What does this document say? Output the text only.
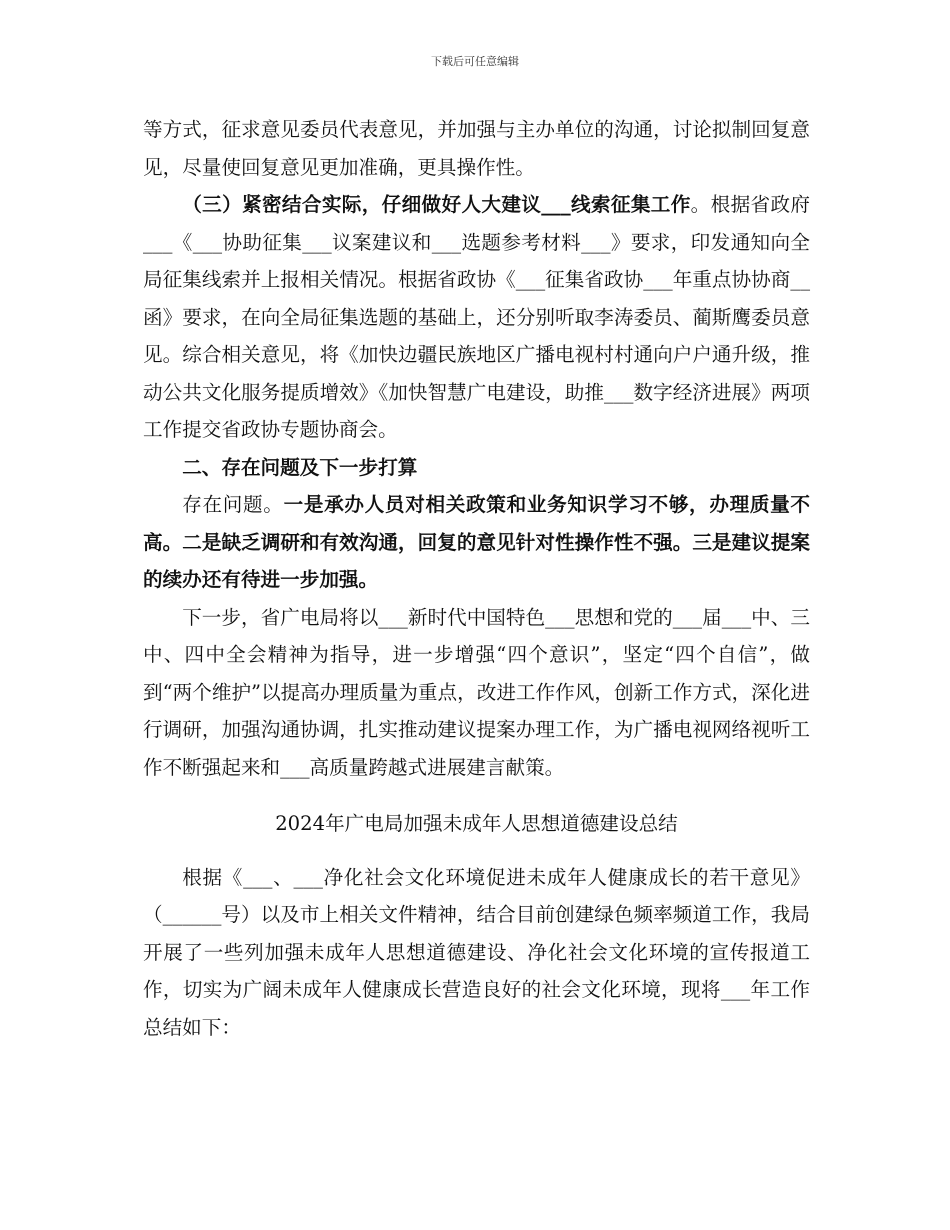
下载后可任意编辑

等方式，征求意见委员代表意见，并加强与主办单位的沟通，讨论拟制回复意见，尽量使回复意见更加准确，更具操作性。

（三）紧密结合实际，仔细做好人大建议___线索征集工作。根据省政府___《___协助征集___议案建议和___选题参考材料___》要求，印发通知向全局征集线索并上报相关情况。根据省政协《___征集省政协___年重点协协商__函》要求，在向全局征集选题的基础上，还分别听取李涛委员、蔺斯鹰委员意见。综合相关意见，将《加快边疆民族地区广播电视村村通向户户通升级，推动公共文化服务提质增效》《加快智慧广电建设，助推___数字经济进展》两项工作提交省政协专题协商会。

二、存在问题及下一步打算

存在问题。一是承办人员对相关政策和业务知识学习不够，办理质量不高。二是缺乏调研和有效沟通，回复的意见针对性操作性不强。三是建议提案的续办还有待进一步加强。

下一步，省广电局将以___新时代中国特色___思想和党的___届___中、三中、四中全会精神为指导，进一步增强“四个意识”，坚定“四个自信”，做到“两个维护”以提高办理质量为重点，改进工作作风，创新工作方式，深化进行调研，加强沟通协调，扎实推动建议提案办理工作，为广播电视网络视听工作不断强起来和___高质量跨越式进展建言献策。

2024年广电局加强未成年人思想道德建设总结

根据《___、___净化社会文化环境促进未成年人健康成长的若干意见》（______号）以及市上相关文件精神，结合目前创建绿色频率频道工作，我局开展了一些列加强未成年人思想道德建设、净化社会文化环境的宣传报道工作，切实为广阔未成年人健康成长营造良好的社会文化环境，现将___年工作总结如下：
